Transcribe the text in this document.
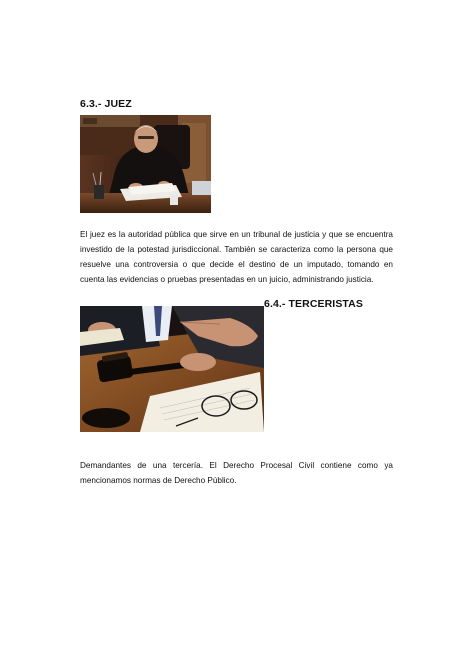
6.3.- JUEZ
El juez es la autoridad pública que sirve en un tribunal de justicia y que se encuentra investido de la potestad jurisdiccional. También se caracteriza como la persona que resuelve una controversia o que decide el destino de un imputado, tomando en cuenta las evidencias o pruebas presentadas en un juicio, administrando justicia.
6.4.- TERCERISTAS
Demandantes de una tercería. El Derecho Procesal Civil contiene como ya mencionamos normas de Derecho Público.
